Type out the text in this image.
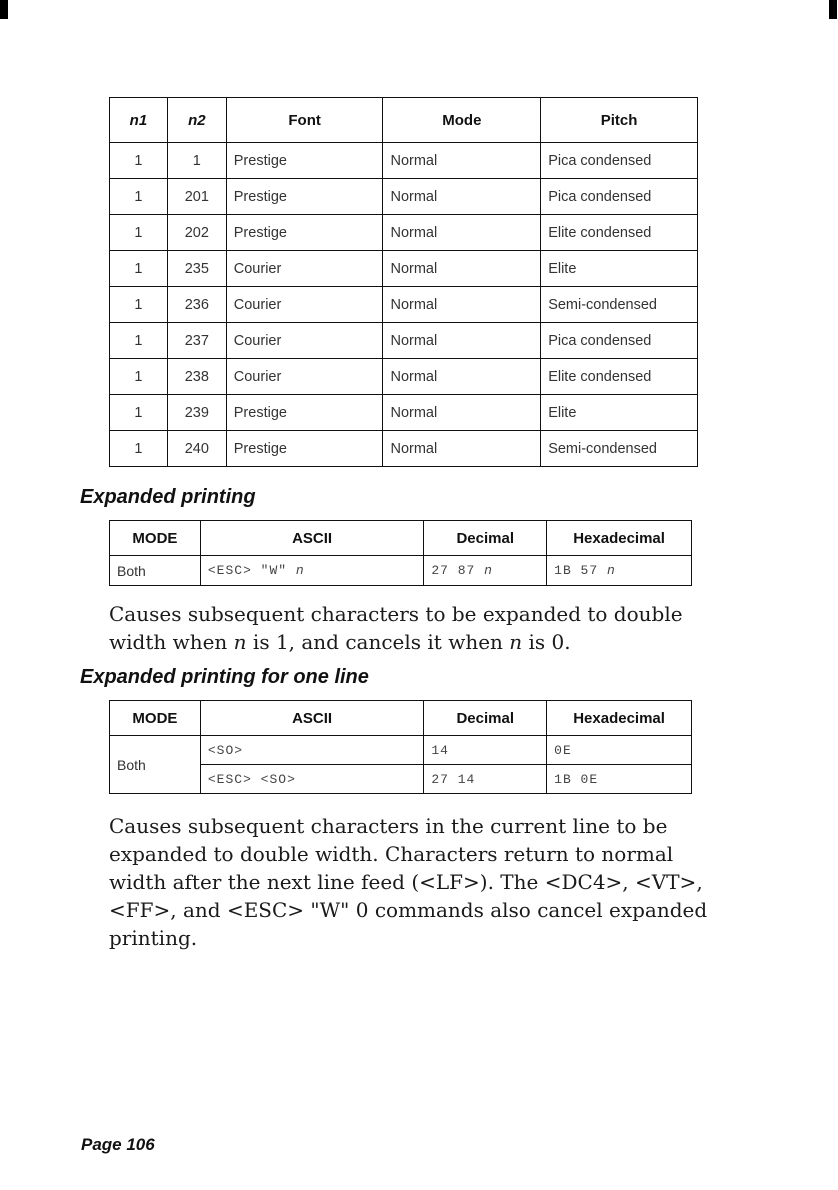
n1	n2	Font	Mode	Pitch
1	1	Prestige	Normal	Pica condensed
1	201	Prestige	Normal	Pica condensed
1	202	Prestige	Normal	Elite condensed
1	235	Courier	Normal	Elite
1	236	Courier	Normal	Semi-condensed
1	237	Courier	Normal	Pica condensed
1	238	Courier	Normal	Elite condensed
1	239	Prestige	Normal	Elite
1	240	Prestige	Normal	Semi-condensed
Expanded printing
MODE	ASCII	Decimal	Hexadecimal
Both	<ESC> "W" n	27 87 n	1B 57 n

Causes subsequent characters to be expanded to double width when n is 1, and cancels it when n is 0.

Expanded printing for one line
MODE	ASCII	Decimal	Hexadecimal
Both	<SO>	14	0E
	<ESC> <SO>	27 14	1B 0E

Causes subsequent characters in the current line to be expanded to double width. Characters return to normal width after the next line feed (<LF>). The <DC4>, <VT>, <FF>, and <ESC> "W" 0 commands also cancel expanded printing.

Page 106
